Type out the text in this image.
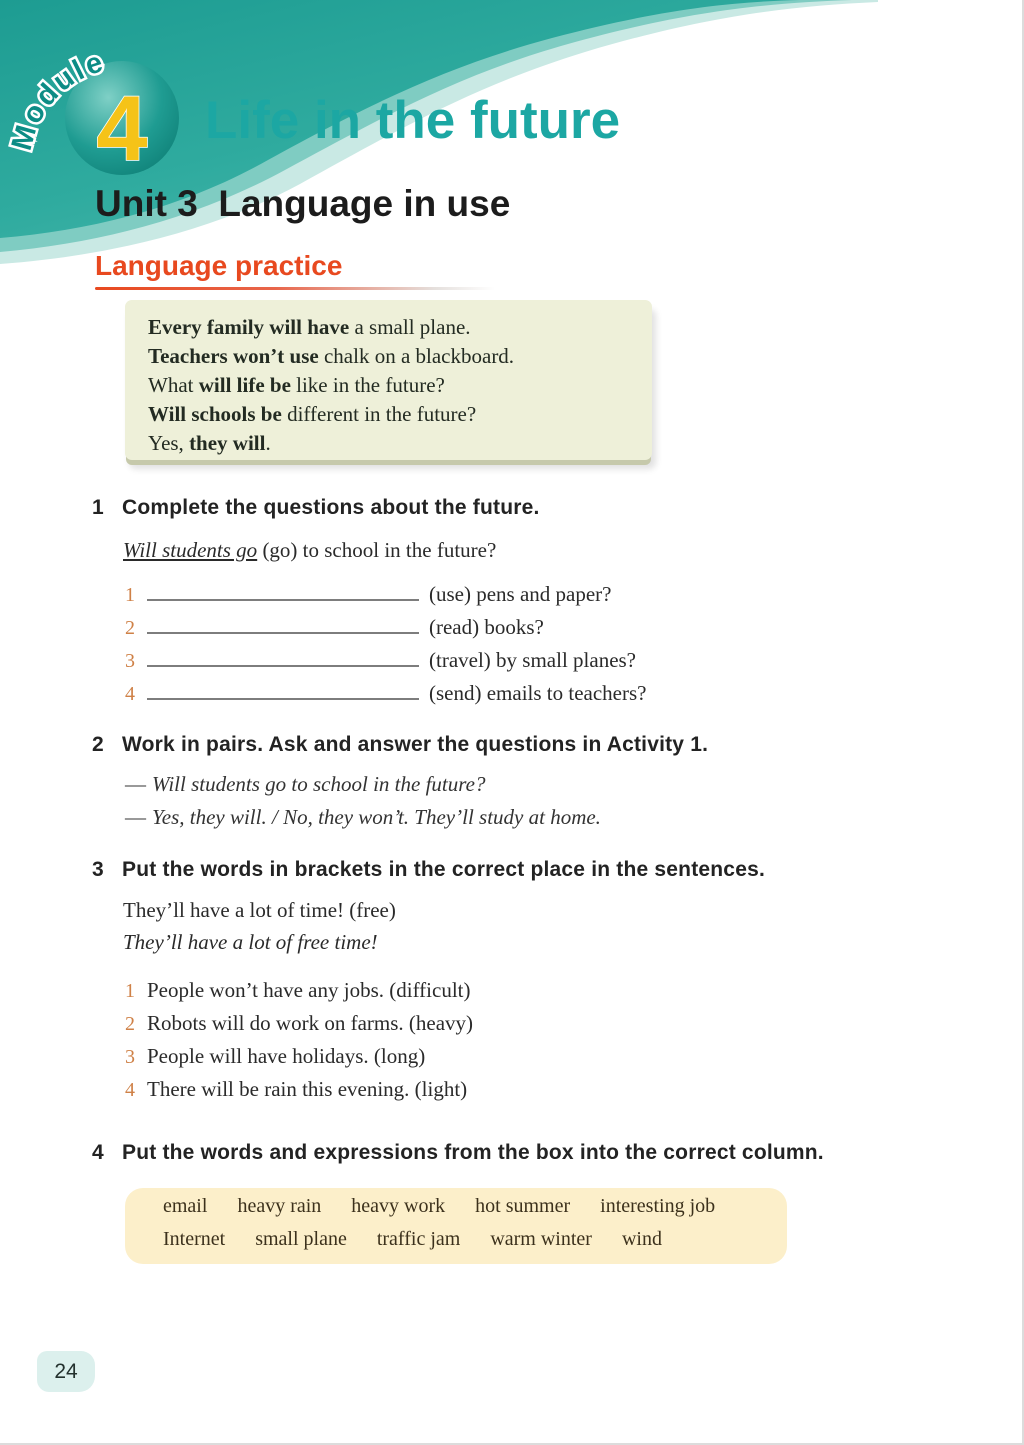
Module
4 Life in the future
Unit 3  Language in use
Language practice
Every family will have a small plane.
Teachers won’t use chalk on a blackboard.
What will life be like in the future?
Will schools be different in the future?
Yes, they will.
1 Complete the questions about the future.
Will students go (go) to school in the future?
1	(use) pens and paper?
2	(read) books?
3	(travel) by small planes?
4	(send) emails to teachers?
2 Work in pairs. Ask and answer the questions in Activity 1.
— Will students go to school in the future?
— Yes, they will. / No, they won’t. They’ll study at home.
3 Put the words in brackets in the correct place in the sentences.
They’ll have a lot of time! (free)
They’ll have a lot of free time!
1 People won’t have any jobs. (difficult)
2 Robots will do work on farms. (heavy)
3 People will have holidays. (long)
4 There will be rain this evening. (light)
4 Put the words and expressions from the box into the correct column.
email heavy rain heavy work hot summer interesting job
Internet small plane traffic jam warm winter wind
24
